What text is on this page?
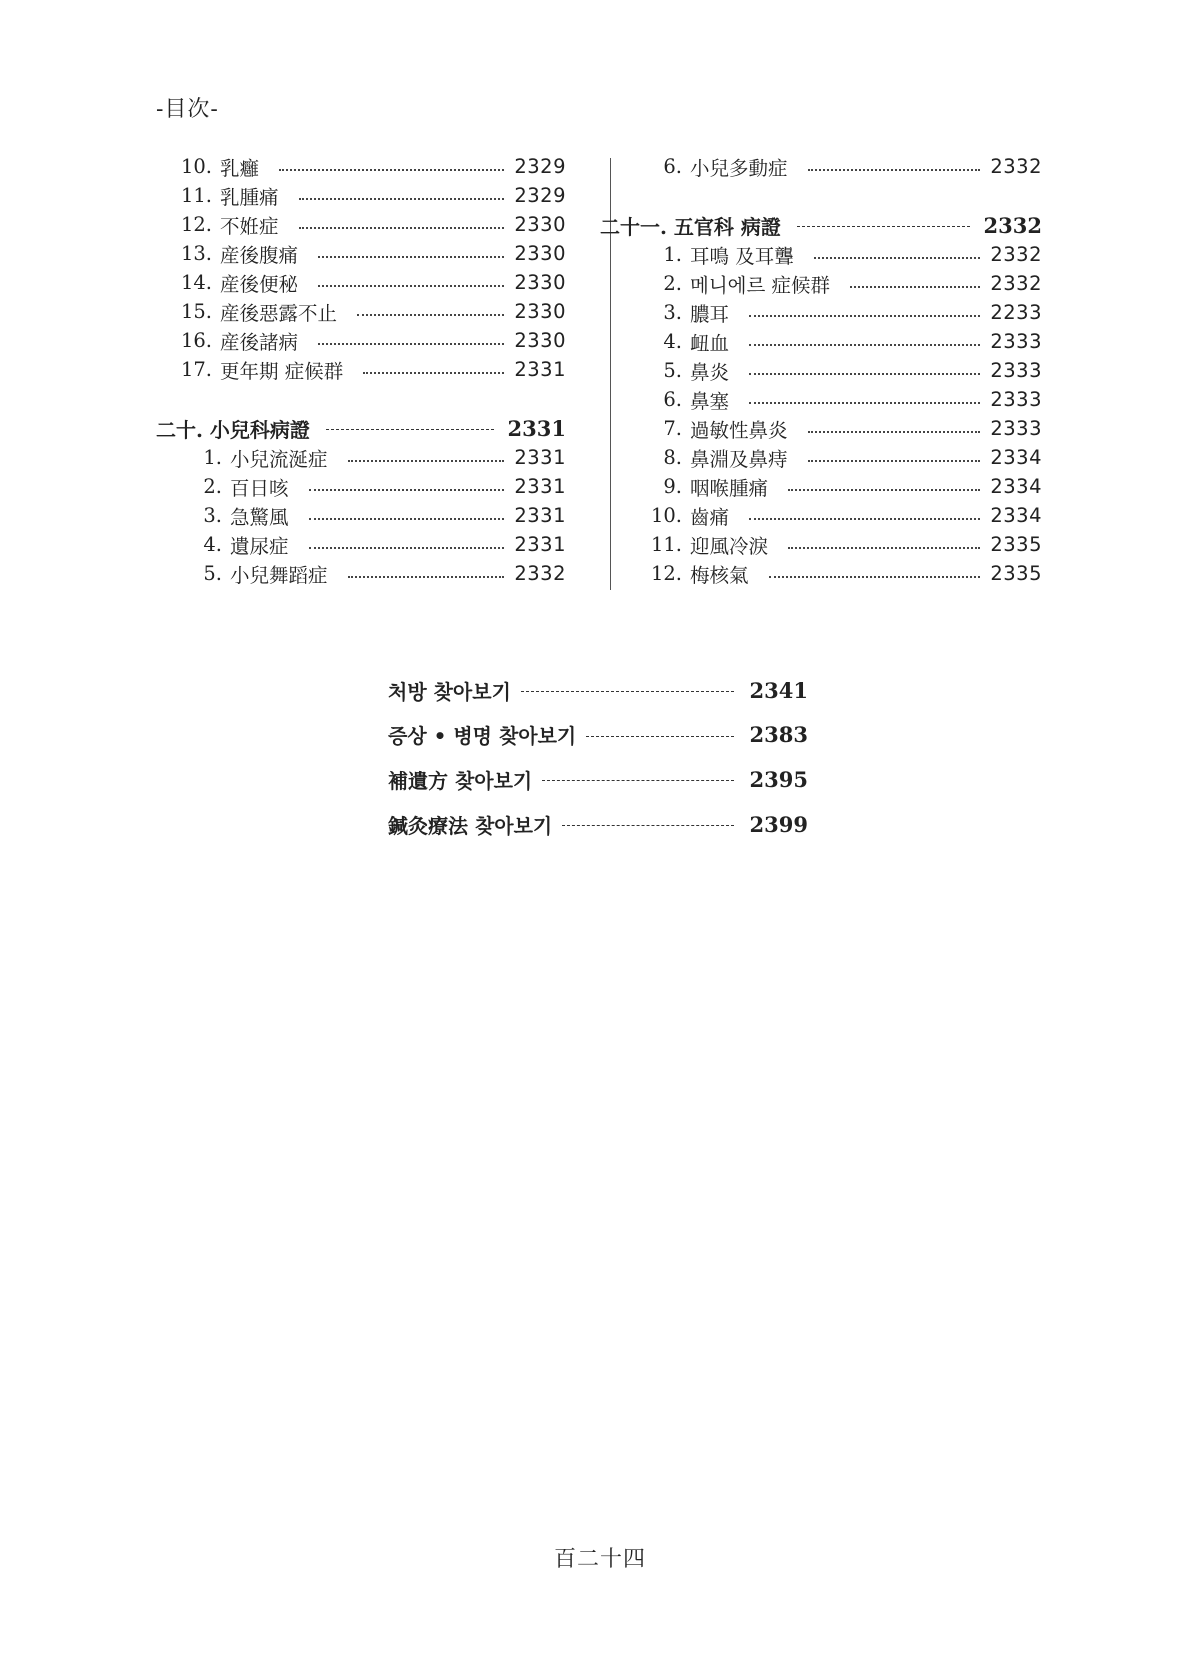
-目次-
10. 乳癰	2329
11. 乳腫痛	2329
12. 不姙症	2330
13. 産後腹痛	2330
14. 産後便秘	2330
15. 産後惡露不止	2330
16. 産後諸病	2330
17. 更年期 症候群	2331
二十. 小兒科病證	2331
1. 小兒流涎症	2331
2. 百日咳	2331
3. 急驚風	2331
4. 遺尿症	2331
5. 小兒舞蹈症	2332
6. 小兒多動症	2332
二十一. 五官科 病證	2332
1. 耳鳴 及耳聾	2332
2. 메니에르 症候群	2332
3. 膿耳	2233
4. 衄血	2333
5. 鼻炎	2333
6. 鼻塞	2333
7. 過敏性鼻炎	2333
8. 鼻淵及鼻痔	2334
9. 咽喉腫痛	2334
10. 齒痛	2334
11. 迎風冷淚	2335
12. 梅核氣	2335
처방 찾아보기	2341
증상 • 병명 찾아보기	2383
補遺方 찾아보기	2395
鍼灸療法 찾아보기	2399
百二十四
